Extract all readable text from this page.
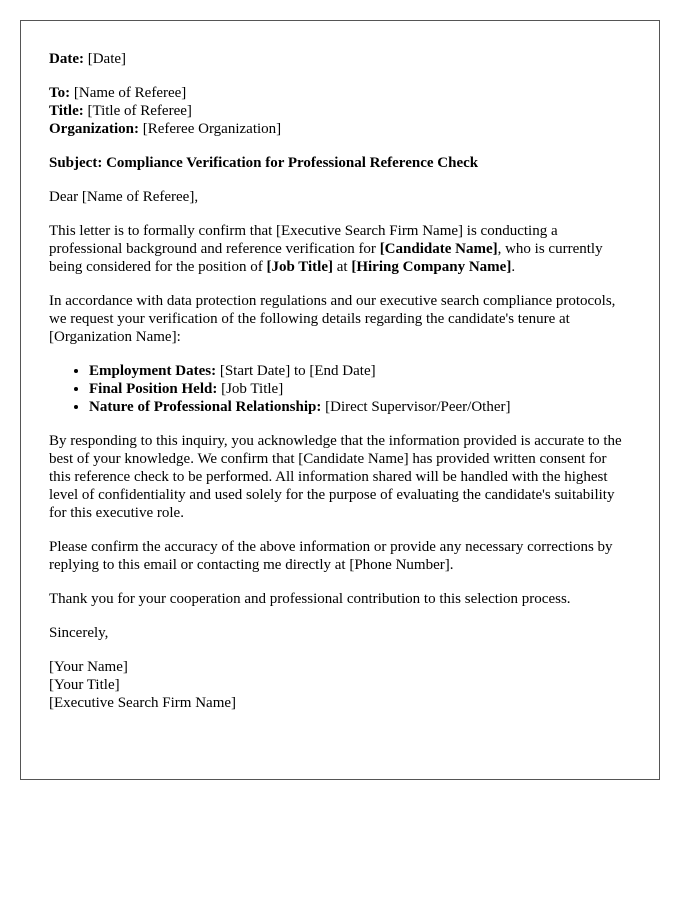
Date: [Date]

To: [Name of Referee]

Title: [Title of Referee]

Organization: [Referee Organization]

Subject: Compliance Verification for Professional Reference Check

Dear [Name of Referee],

This letter is to formally confirm that [Executive Search Firm Name] is conducting a professional background and reference verification for [Candidate Name], who is currently being considered for the position of [Job Title] at [Hiring Company Name].

In accordance with data protection regulations and our executive search compliance protocols, we request your verification of the following details regarding the candidate's tenure at [Organization Name]:

• Employment Dates: [Start Date] to [End Date]
• Final Position Held: [Job Title]
• Nature of Professional Relationship: [Direct Supervisor/Peer/Other]

By responding to this inquiry, you acknowledge that the information provided is accurate to the best of your knowledge. We confirm that [Candidate Name] has provided written consent for this reference check to be performed. All information shared will be handled with the highest level of confidentiality and used solely for the purpose of evaluating the candidate's suitability for this executive role.

Please confirm the accuracy of the above information or provide any necessary corrections by replying to this email or contacting me directly at [Phone Number].

Thank you for your cooperation and professional contribution to this selection process.

Sincerely,

[Your Name]

[Your Title]

[Executive Search Firm Name]
